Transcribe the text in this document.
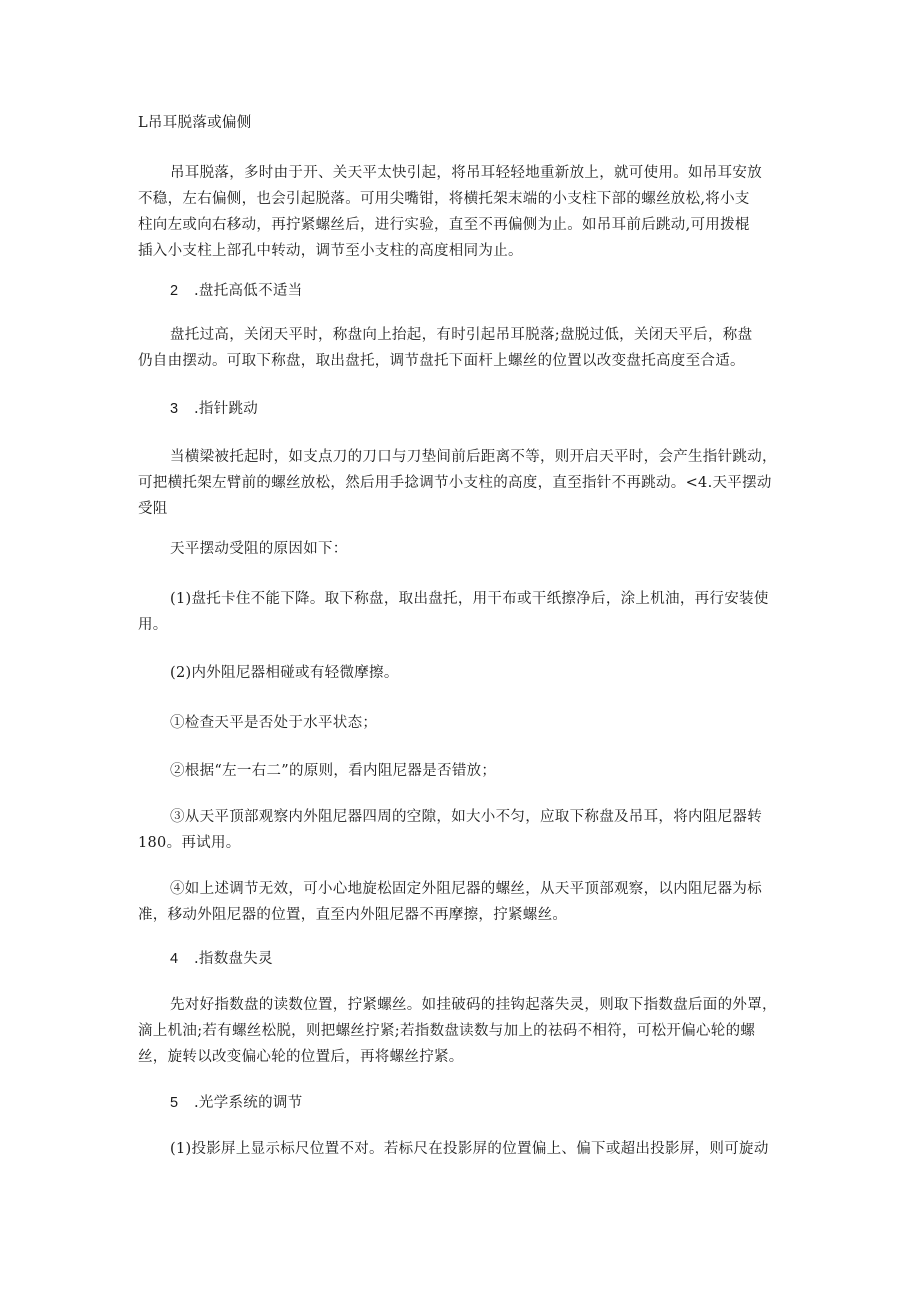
L吊耳脱落或偏侧
吊耳脱落，多时由于开、关天平太快引起，将吊耳轻轻地重新放上，就可使用。如吊耳安放
不稳，左右偏侧，也会引起脱落。可用尖嘴钳，将横托架末端的小支柱下部的螺丝放松,将小支
柱向左或向右移动，再拧紧螺丝后，进行实验，直至不再偏侧为止。如吊耳前后跳动,可用拨棍
插入小支柱上部孔中转动，调节至小支柱的高度相同为止。
2 .盘托高低不适当
盘托过高，关闭天平时，称盘向上抬起，有时引起吊耳脱落;盘脱过低，关闭天平后，称盘
仍自由摆动。可取下称盘，取出盘托，调节盘托下面杆上螺丝的位置以改变盘托高度至合适。
3 .指针跳动
当横梁被托起时，如支点刀的刀口与刀垫间前后距离不等，则开启天平时，会产生指针跳动，
可把横托架左臂前的螺丝放松，然后用手捻调节小支柱的高度，直至指针不再跳动。<4.天平摆动
受阻
天平摆动受阻的原因如下：
(1)盘托卡住不能下降。取下称盘，取出盘托，用干布或干纸擦净后，涂上机油，再行安装使
用。
(2)内外阻尼器相碰或有轻微摩擦。
①检查天平是否处于水平状态；
②根据“左一右二”的原则，看内阻尼器是否错放；
③从天平顶部观察内外阻尼器四周的空隙，如大小不匀，应取下称盘及吊耳，将内阻尼器转
180。再试用。
④如上述调节无效，可小心地旋松固定外阻尼器的螺丝，从天平顶部观察，以内阻尼器为标
准，移动外阻尼器的位置，直至内外阻尼器不再摩擦，拧紧螺丝。
4 .指数盘失灵
先对好指数盘的读数位置，拧紧螺丝。如挂破码的挂钩起落失灵，则取下指数盘后面的外罩，
滴上机油;若有螺丝松脱，则把螺丝拧紧;若指数盘读数与加上的祛码不相符，可松开偏心轮的螺
丝，旋转以改变偏心轮的位置后，再将螺丝拧紧。
5 .光学系统的调节
(1)投影屏上显示标尺位置不对。若标尺在投影屏的位置偏上、偏下或超出投影屏，则可旋动
